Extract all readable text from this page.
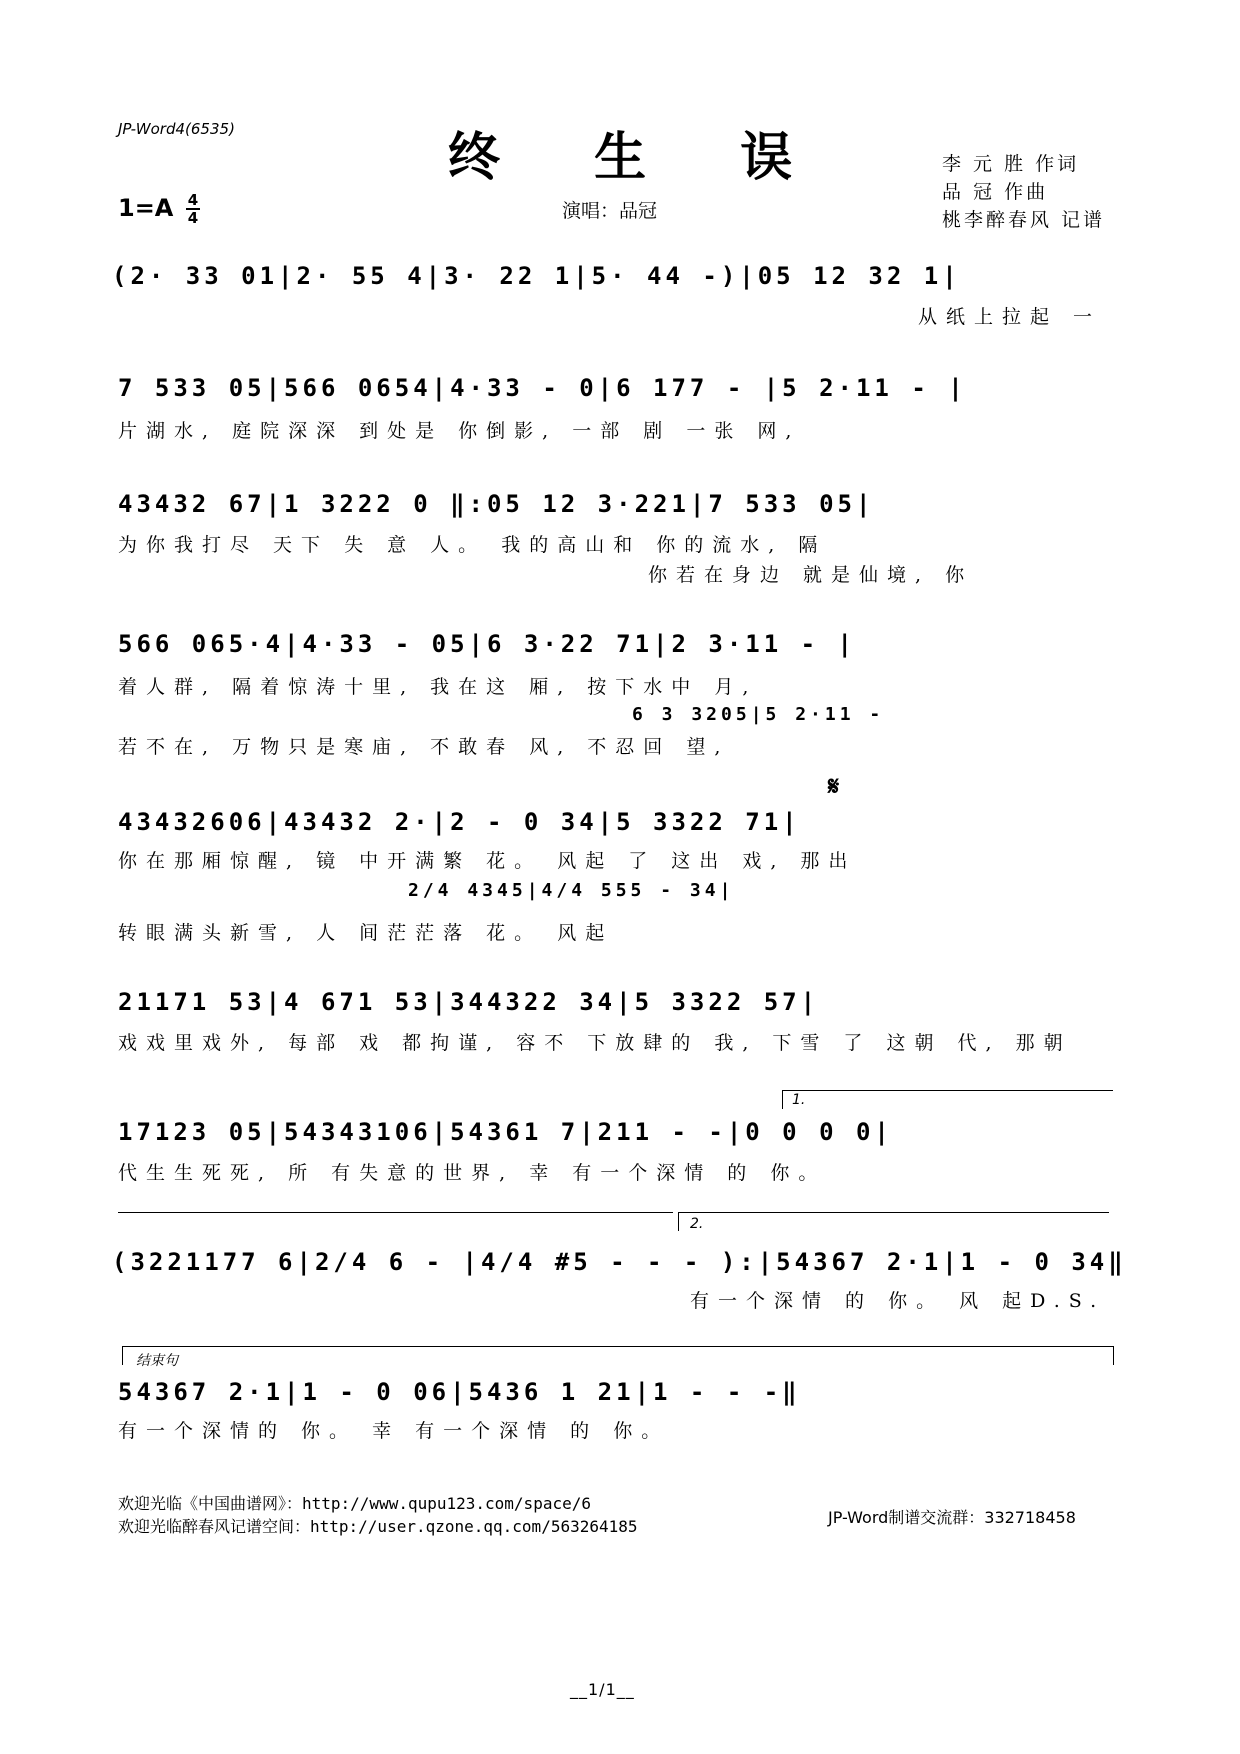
JP-Word4(6535)	终 生 误	李 元 胜 作词
品 冠 作曲
桃李醉春风 记谱
$1=A \frac{4}{4}$	演唱：品冠
(2· 33 01|2· 55 4|3· 22 1|5· 44 -)|05 12 32 1|
从纸上拉起 一
7 533 05|566 0654|4·33 - 0|6 177 - |5 2·11 - |
片湖水, 庭院深深 到处是 你倒影, 一部 剧 一张 网,
43432 67|1 3222 0 ‖:05 12 3·221|7 533 05|
为你我打尽 天下 失 意 人。 我的高山和 你的流水, 隔
你若在身边 就是仙境, 你
566 065·4|4·33 - 05|6 3·22 71|2 3·11 - |
着人群, 隔着惊涛十里, 我在这 厢, 按下水中 月,
6 3 3205|5 2·11 -
若不在, 万物只是寒庙, 不敢春 风, 不忍回 望,
𝄋
43432606|43432 2·|2 - 0 34|5 3322 71|
你在那厢惊醒, 镜 中开满繁 花。 风起 了 这出 戏, 那出
2/4 4345|4/4 555 - 34|
转眼满头新雪, 人 间茫茫落 花。 风起
21171 53|4 671 53|344322 34|5 3322 57|
戏戏里戏外, 每部 戏 都拘谨, 容不 下放肆的 我, 下雪 了 这朝 代, 那朝
1.
17123 05|54343106|54361 7|211 - -|0 0 0 0|
代生生死死, 所 有失意的世界, 幸 有一个深情 的 你。
2.
(3221177 6|2/4 6 - |4/4 #5 - - - ):|54367 2·1|1 - 0 34‖
有一个深情 的 你。 风 起D.S.
结束句
54367 2·1|1 - 0 06|5436 1 21|1 - - -‖
有一个深情的 你。 幸 有一个深情 的 你。
欢迎光临《中国曲谱网》：http://www.qupu123.com/space/6
欢迎光临醉春风记谱空间：http://user.qzone.qq.com/563264185	JP-Word制谱交流群：332718458
__1/1__
